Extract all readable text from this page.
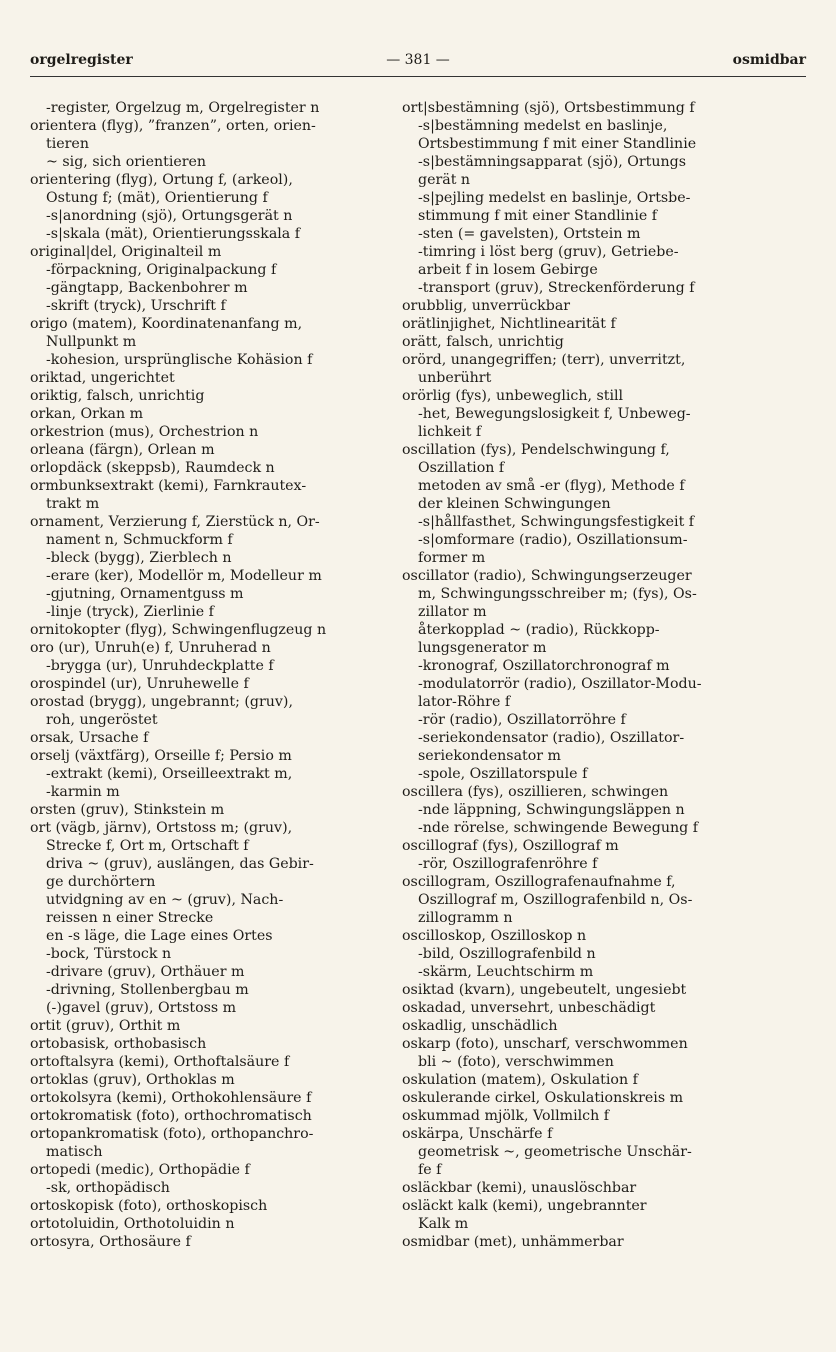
orgelregister	— 381 —	osmidbar
-register, Orgelzug m, Orgelregister n
orientera (flyg), ”franzen”, orten, orien-
tieren
~ sig, sich orientieren
orientering (flyg), Ortung f, (arkeol),
Ostung f; (mät), Orientierung f
-s|anordning (sjö), Ortungsgerät n
-s|skala (mät), Orientierungsskala f
original|del, Originalteil m
-förpackning, Originalpackung f
-gängtapp, Backenbohrer m
-skrift (tryck), Urschrift f
origo (matem), Koordinatenanfang m,
Nullpunkt m
-kohesion, ursprünglische Kohäsion f
oriktad, ungerichtet
oriktig, falsch, unrichtig
orkan, Orkan m
orkestrion (mus), Orchestrion n
orleana (färgn), Orlean m
orlopdäck (skeppsb), Raumdeck n
ormbunksextrakt (kemi), Farnkrautex-
trakt m
ornament, Verzierung f, Zierstück n, Or-
nament n, Schmuckform f
-bleck (bygg), Zierblech n
-erare (ker), Modellör m, Modelleur m
-gjutning, Ornamentguss m
-linje (tryck), Zierlinie f
ornitokopter (flyg), Schwingenflugzeug n
oro (ur), Unruh(e) f, Unruherad n
-brygga (ur), Unruhdeckplatte f
orospindel (ur), Unruhewelle f
orostad (brygg), ungebrannt; (gruv),
roh, ungeröstet
orsak, Ursache f
orselj (växtfärg), Orseille f; Persio m
-extrakt (kemi), Orseilleextrakt m,
-karmin m
orsten (gruv), Stinkstein m
ort (vägb, järnv), Ortstoss m; (gruv),
Strecke f, Ort m, Ortschaft f
driva ~ (gruv), auslängen, das Gebir-
ge durchörtern
utvidgning av en ~ (gruv), Nach-
reissen n einer Strecke
en -s läge, die Lage eines Ortes
-bock, Türstock n
-drivare (gruv), Orthäuer m
-drivning, Stollenbergbau m
(-)gavel (gruv), Ortstoss m
ortit (gruv), Orthit m
ortobasisk, orthobasisch
ortoftalsyra (kemi), Orthoftalsäure f
ortoklas (gruv), Orthoklas m
ortokolsyra (kemi), Orthokohlensäure f
ortokromatisk (foto), orthochromatisch
ortopankromatisk (foto), orthopanchro-
matisch
ortopedi (medic), Orthopädie f
-sk, orthopädisch
ortoskopisk (foto), orthoskopisch
ortotoluidin, Orthotoluidin n
ortosyra, Orthosäure f
ort|sbestämning (sjö), Ortsbestimmung f
-s|bestämning medelst en baslinje,
Ortsbestimmung f mit einer Standlinie
-s|bestämningsapparat (sjö), Ortungs
gerät n
-s|pejling medelst en baslinje, Ortsbe-
stimmung f mit einer Standlinie f
-sten (= gavelsten), Ortstein m
-timring i löst berg (gruv), Getriebe-
arbeit f in losem Gebirge
-transport (gruv), Streckenförderung f
orubblig, unverrückbar
orätlinjighet, Nichtlinearität f
orätt, falsch, unrichtig
orörd, unangegriffen; (terr), unverritzt,
unberührt
orörlig (fys), unbeweglich, still
-het, Bewegungslosigkeit f, Unbeweg-
lichkeit f
oscillation (fys), Pendelschwingung f,
Oszillation f
metoden av små -er (flyg), Methode f
der kleinen Schwingungen
-s|hållfasthet, Schwingungsfestigkeit f
-s|omformare (radio), Oszillationsum-
former m
oscillator (radio), Schwingungserzeuger
m, Schwingungsschreiber m; (fys), Os-
zillator m
återkopplad ~ (radio), Rückkopp-
lungsgenerator m
-kronograf, Oszillatorchronograf m
-modulatorrör (radio), Oszillator-Modu-
lator-Röhre f
-rör (radio), Oszillatorröhre f
-seriekondensator (radio), Oszillator-
seriekondensator m
-spole, Oszillatorspule f
oscillera (fys), oszillieren, schwingen
-nde läppning, Schwingungsläppen n
-nde rörelse, schwingende Bewegung f
oscillograf (fys), Oszillograf m
-rör, Oszillografenröhre f
oscillogram, Oszillografenaufnahme f,
Oszillograf m, Oszillografenbild n, Os-
zillogramm n
oscilloskop, Oszilloskop n
-bild, Oszillografenbild n
-skärm, Leuchtschirm m
osiktad (kvarn), ungebeutelt, ungesiebt
oskadad, unversehrt, unbeschädigt
oskadlig, unschädlich
oskarp (foto), unscharf, verschwommen
bli ~ (foto), verschwimmen
oskulation (matem), Oskulation f
oskulerande cirkel, Oskulationskreis m
oskummad mjölk, Vollmilch f
oskärpa, Unschärfe f
geometrisk ~, geometrische Unschär-
fe f
osläckbar (kemi), unauslöschbar
osläckt kalk (kemi), ungebrannter
Kalk m
osmidbar (met), unhämmerbar
